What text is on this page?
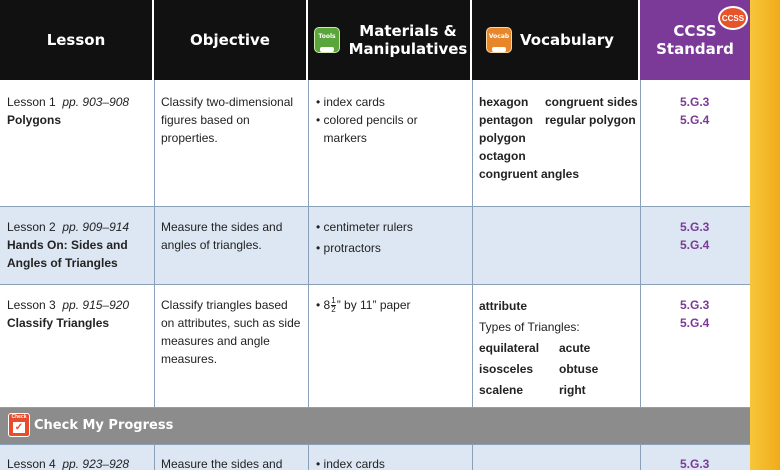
Lesson	Objective	Tools	Materials & Manipulatives
Vocab Vocabulary	CCSS Standard
CCSS
Lesson 1 pp. 903–908
Polygons
Classify two-dimensional figures based on properties.
• index cards
• colored pencils or markers
hexagon	congruent sides
pentagon	regular polygon
polygon
octagon
congruent angles
5.G.3
5.G.4
Lesson 2 pp. 909–914
Hands On: Sides and Angles of Triangles
Measure the sides and angles of triangles.
• centimeter rulers
• protractors
5.G.3
5.G.4
Lesson 3 pp. 915–920
Classify Triangles
Classify triangles based on attributes, such as side measures and angle measures.
• $8 \frac{1}{2}$ ” by 11” paper	attribute
Types of Triangles:
equilateral	acute
isosceles	obtuse
scalene	right
5.G.3
5.G.4
Check
✓ Check My Progress
Lesson 4 pp. 923–928	Measure the sides and
•	index cards	5.G.3
